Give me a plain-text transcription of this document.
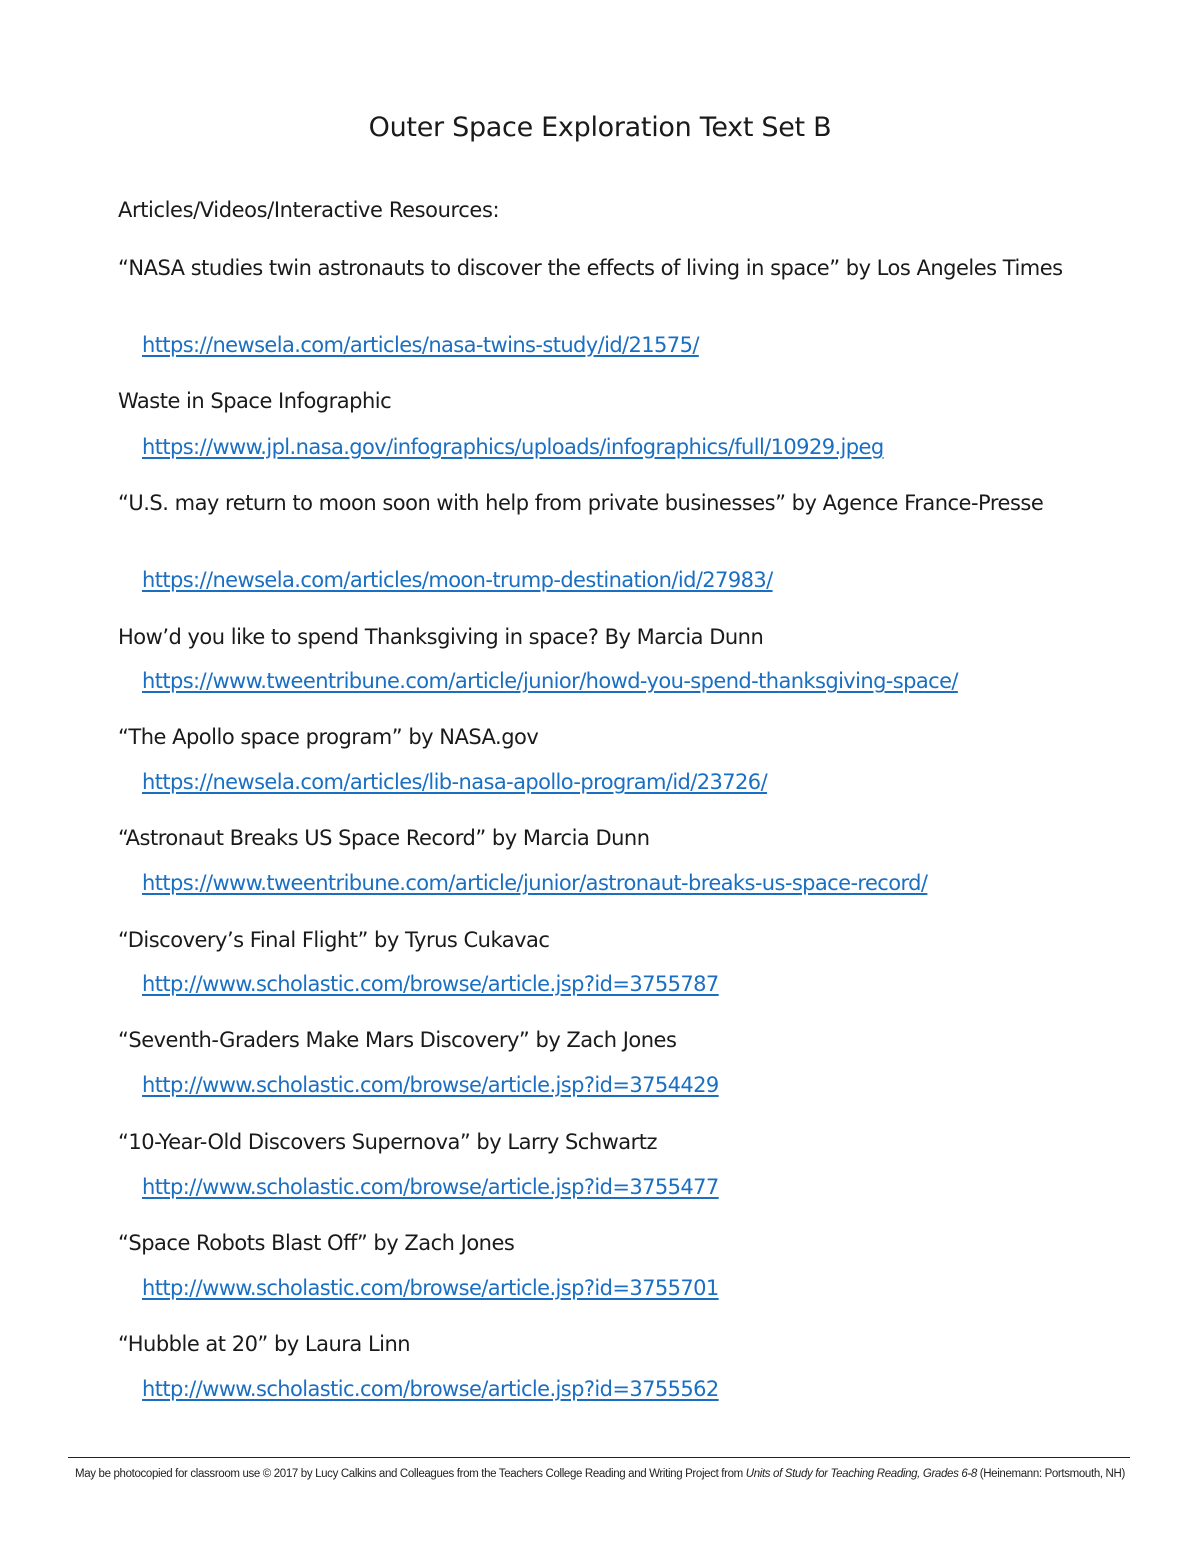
Outer Space Exploration Text Set B
Articles/Videos/Interactive Resources:
“NASA studies twin astronauts to discover the effects of living in space” by Los Angeles Times
https://newsela.com/articles/nasa-twins-study/id/21575/
Waste in Space Infographic
https://www.jpl.nasa.gov/infographics/uploads/infographics/full/10929.jpeg
“U.S. may return to moon soon with help from private businesses” by Agence France-Presse
https://newsela.com/articles/moon-trump-destination/id/27983/
How’d you like to spend Thanksgiving in space? By Marcia Dunn
https://www.tweentribune.com/article/junior/howd-you-spend-thanksgiving-space/
“The Apollo space program” by NASA.gov
https://newsela.com/articles/lib-nasa-apollo-program/id/23726/
“Astronaut Breaks US Space Record” by Marcia Dunn
https://www.tweentribune.com/article/junior/astronaut-breaks-us-space-record/
“Discovery’s Final Flight” by Tyrus Cukavac
http://www.scholastic.com/browse/article.jsp?id=3755787
“Seventh-Graders Make Mars Discovery” by Zach Jones
http://www.scholastic.com/browse/article.jsp?id=3754429
“10-Year-Old Discovers Supernova” by Larry Schwartz
http://www.scholastic.com/browse/article.jsp?id=3755477
“Space Robots Blast Off” by Zach Jones
http://www.scholastic.com/browse/article.jsp?id=3755701
“Hubble at 20” by Laura Linn
http://www.scholastic.com/browse/article.jsp?id=3755562
May be photocopied for classroom use © 2017 by Lucy Calkins and Colleagues from the Teachers College Reading and Writing Project from Units of Study for Teaching Reading, Grades 6-8 (Heinemann: Portsmouth, NH)
